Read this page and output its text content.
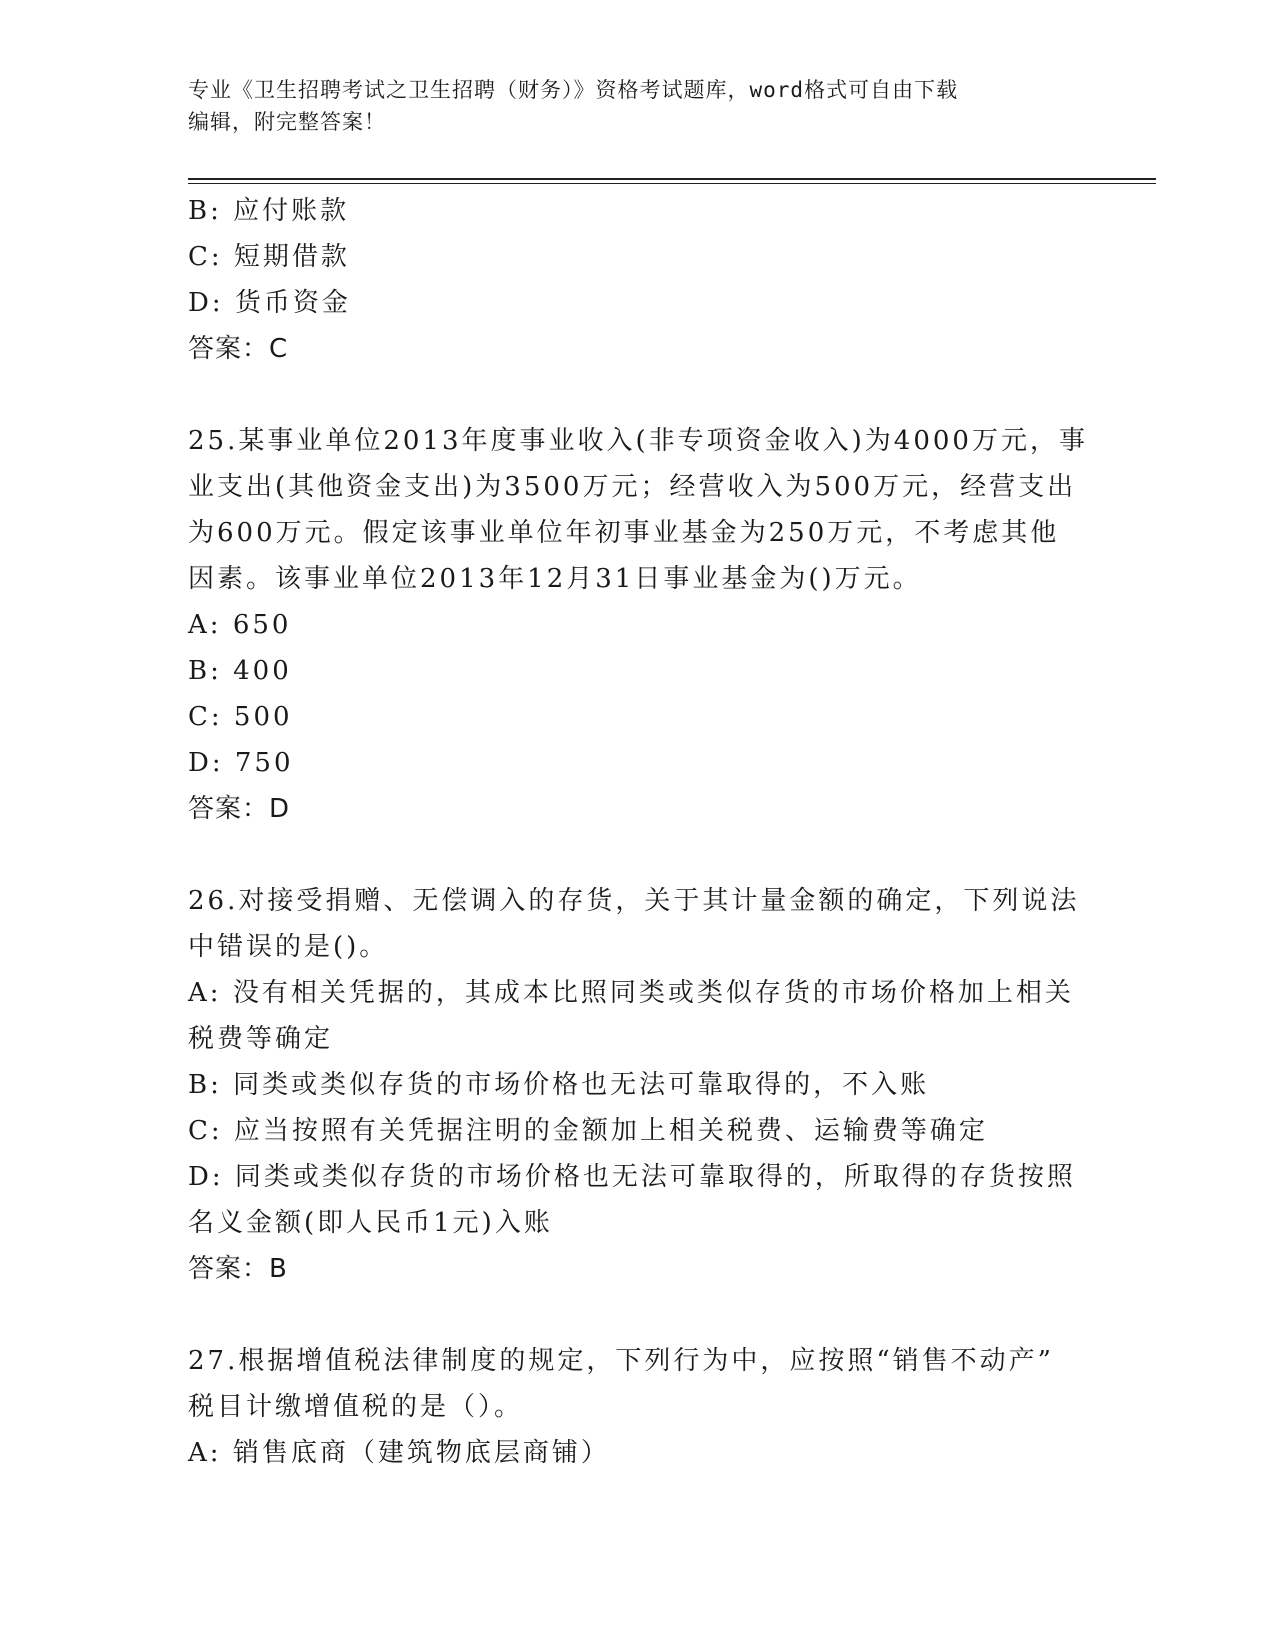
专业《卫生招聘考试之卫生招聘（财务）》资格考试题库，word格式可自由下载
编辑，附完整答案！
B: 应付账款
C: 短期借款
D: 货币资金
答案：C
25.某事业单位2013年度事业收入(非专项资金收入)为4000万元，事
业支出(其他资金支出)为3500万元；经营收入为500万元，经营支出
为600万元。假定该事业单位年初事业基金为250万元，不考虑其他
因素。该事业单位2013年12月31日事业基金为()万元。
A: 650
B: 400
C: 500
D: 750
答案：D
26.对接受捐赠、无偿调入的存货，关于其计量金额的确定，下列说法
中错误的是()。
A: 没有相关凭据的，其成本比照同类或类似存货的市场价格加上相关
税费等确定
B: 同类或类似存货的市场价格也无法可靠取得的，不入账
C: 应当按照有关凭据注明的金额加上相关税费、运输费等确定
D: 同类或类似存货的市场价格也无法可靠取得的，所取得的存货按照
名义金额(即人民币1元)入账
答案：B
27.根据增值税法律制度的规定，下列行为中，应按照“销售不动产”
税目计缴增值税的是（）。
A: 销售底商（建筑物底层商铺）
